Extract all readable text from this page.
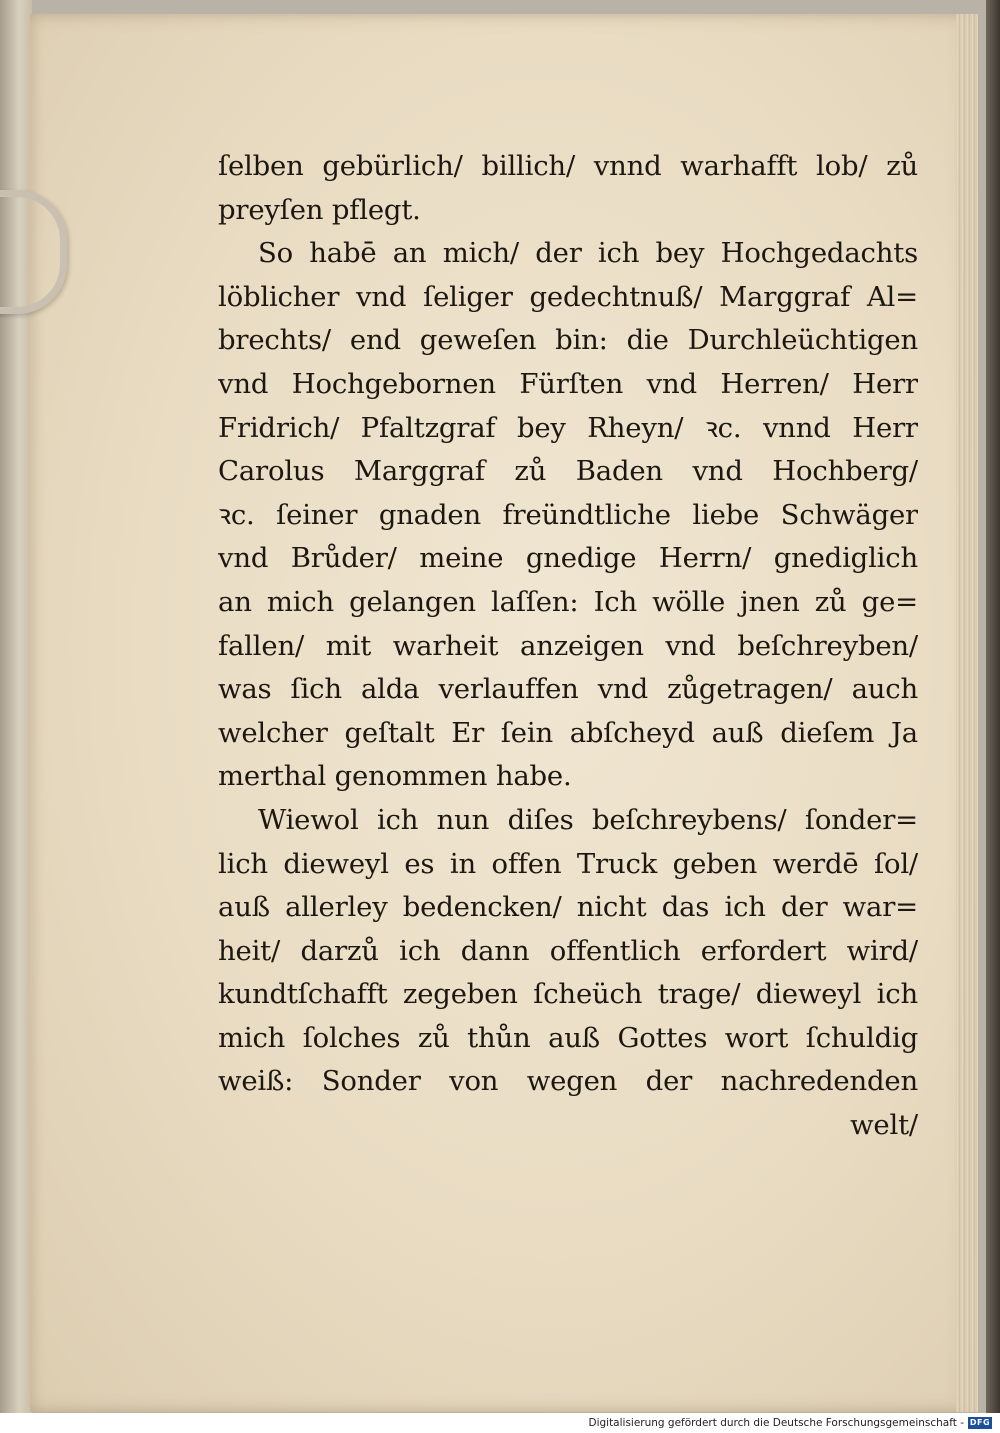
ſelben gebürlich/ billich/ vnnd warhafft lob/ zů
preyſen pflegt.
So habē an mich/ der ich bey Hochgedachts
löblicher vnd ſeliger gedechtnuß/ Marggraf Al=
brechts/ end geweſen bin: die Durchleüchtigen
vnd Hochgebornen Fürſten vnd Herren/ Herr
Fridrich/ Pfaltzgraf bey Rheyn/ ꝛc. vnnd Herr
Carolus Marggraf zů Baden vnd Hochberg/
ꝛc. ſeiner gnaden freündtliche liebe Schwäger
vnd Brůder/ meine gnedige Herrn/ gnediglich
an mich gelangen laſſen: Ich wölle jnen zů ge=
fallen/ mit warheit anzeigen vnd beſchreyben/
was ſich alda verlauffen vnd zůgetragen/ auch
welcher geſtalt Er ſein abſcheyd auß dieſem Ja
merthal genommen habe.
Wiewol ich nun diſes beſchreybens/ ſonder=
lich dieweyl es in offen Truck geben werdē ſol/
auß allerley bedencken/ nicht das ich der war=
heit/ darzů ich dann offentlich erfordert wird/
kundtſchafft zegeben ſcheüch trage/ dieweyl ich
mich ſolches zů thůn auß Gottes wort ſchuldig
weiß: Sonder von wegen der nachredenden
welt/
Digitalisierung gefördert durch die Deutsche Forschungsgemeinschaft - DFG
